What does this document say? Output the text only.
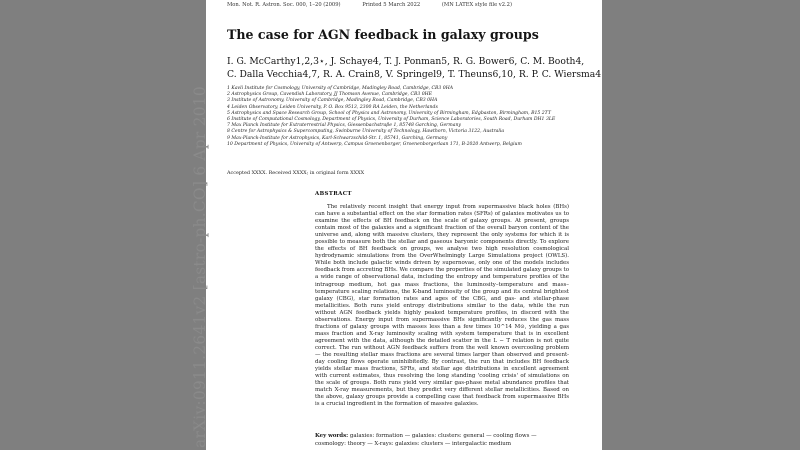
arXiv:0911.2641v2 [astro-ph.CO] 6 Apr 2010
Mon. Not. R. Astron. Soc. 000, 1–20 (2009)	Printed 5 March 2022	(MN LATEX style file v2.2)
The case for AGN feedback in galaxy groups
I. G. McCarthy1,2,3⋆, J. Schaye4, T. J. Ponman5, R. G. Bower6, C. M. Booth4,
C. Dalla Vecchia4,7, R. A. Crain8, V. Springel9, T. Theuns6,10, R. P. C. Wiersma4
1 Kavli Institute for Cosmology, University of Cambridge, Madingley Road, Cambridge, CB3 0HA
2 Astrophysics Group, Cavendish Laboratory, JJ Thomson Avenue, Cambridge, CB3 0HE
3 Institute of Astronomy, University of Cambridge, Madingley Road, Cambridge, CB3 0HA
4 Leiden Observatory, Leiden University, P. O. Box 9513, 2300 RA Leiden, the Netherlands
5 Astrophysics and Space Research Group, School of Physics and Astronomy, University of Birmingham, Edgbaston, Birmingham, B15 2TT
6 Institute of Computational Cosmology, Department of Physics, University of Durham, Science Laboratories, South Road, Durham DH1 3LE
7 Max Planck Institute for Extraterrestrial Physics, Giessenbachstraße 1, 85748 Garching, Germany
8 Centre for Astrophysics & Supercomputing, Swinburne University of Technology, Hawthorn, Victoria 3122, Australia
9 Max-Planck-Institute for Astrophysics, Karl-Schwarzschild-Str. 1, 85741, Garching, Germany
10 Department of Physics, University of Antwerp, Campus Groenenborger, Groenenborgerlaan 171, B-2020 Antwerp, Belgium
Accepted XXXX. Received XXXX; in original form XXXX
ABSTRACT
The relatively recent insight that energy input from supermassive black holes (BHs) can have a substantial effect on the star formation rates (SFRs) of galaxies motivates us to examine the effects of BH feedback on the scale of galaxy groups. At present, groups contain most of the galaxies and a significant fraction of the overall baryon content of the universe and, along with massive clusters, they represent the only systems for which it is possible to measure both the stellar and gaseous baryonic components directly. To explore the effects of BH feedback on groups, we analyse two high resolution cosmological hydrodynamic simulations from the OverWhelmingly Large Simulations project (OWLS). While both include galactic winds driven by supernovae, only one of the models includes feedback from accreting BHs. We compare the properties of the simulated galaxy groups to a wide range of observational data, including the entropy and temperature profiles of the intragroup medium, hot gas mass fractions, the luminosity–temperature and mass–temperature scaling relations, the K-band luminosity of the group and its central brightest galaxy (CBG), star formation rates and ages of the CBG, and gas- and stellar-phase metallicities. Both runs yield entropy distributions similar to the data, while the run without AGN feedback yields highly peaked temperature profiles, in discord with the observations. Energy input from supermassive BHs significantly reduces the gas mass fractions of galaxy groups with masses less than a few times 10^14 M⊙, yielding a gas mass fraction and X-ray luminosity scaling with system temperature that is in excellent agreement with the data, although the detailed scatter in the L − T relation is not quite correct. The run without AGN feedback suffers from the well known overcooling problem — the resulting stellar mass fractions are several times larger than observed and present-day cooling flows operate uninhibitedly. By contrast, the run that includes BH feedback yields stellar mass fractions, SFRs, and stellar age distributions in excellent agreement with current estimates, thus resolving the long standing 'cooling crisis' of simulations on the scale of groups. Both runs yield very similar gas-phase metal abundance profiles that match X-ray measurements, but they predict very different stellar metallicities. Based on the above, galaxy groups provide a compelling case that feedback from supermassive BHs is a crucial ingredient in the formation of massive galaxies.
Key words: galaxies: formation — galaxies: clusters: general — cooling flows — cosmology: theory — X-rays: galaxies: clusters — intergalactic medium
